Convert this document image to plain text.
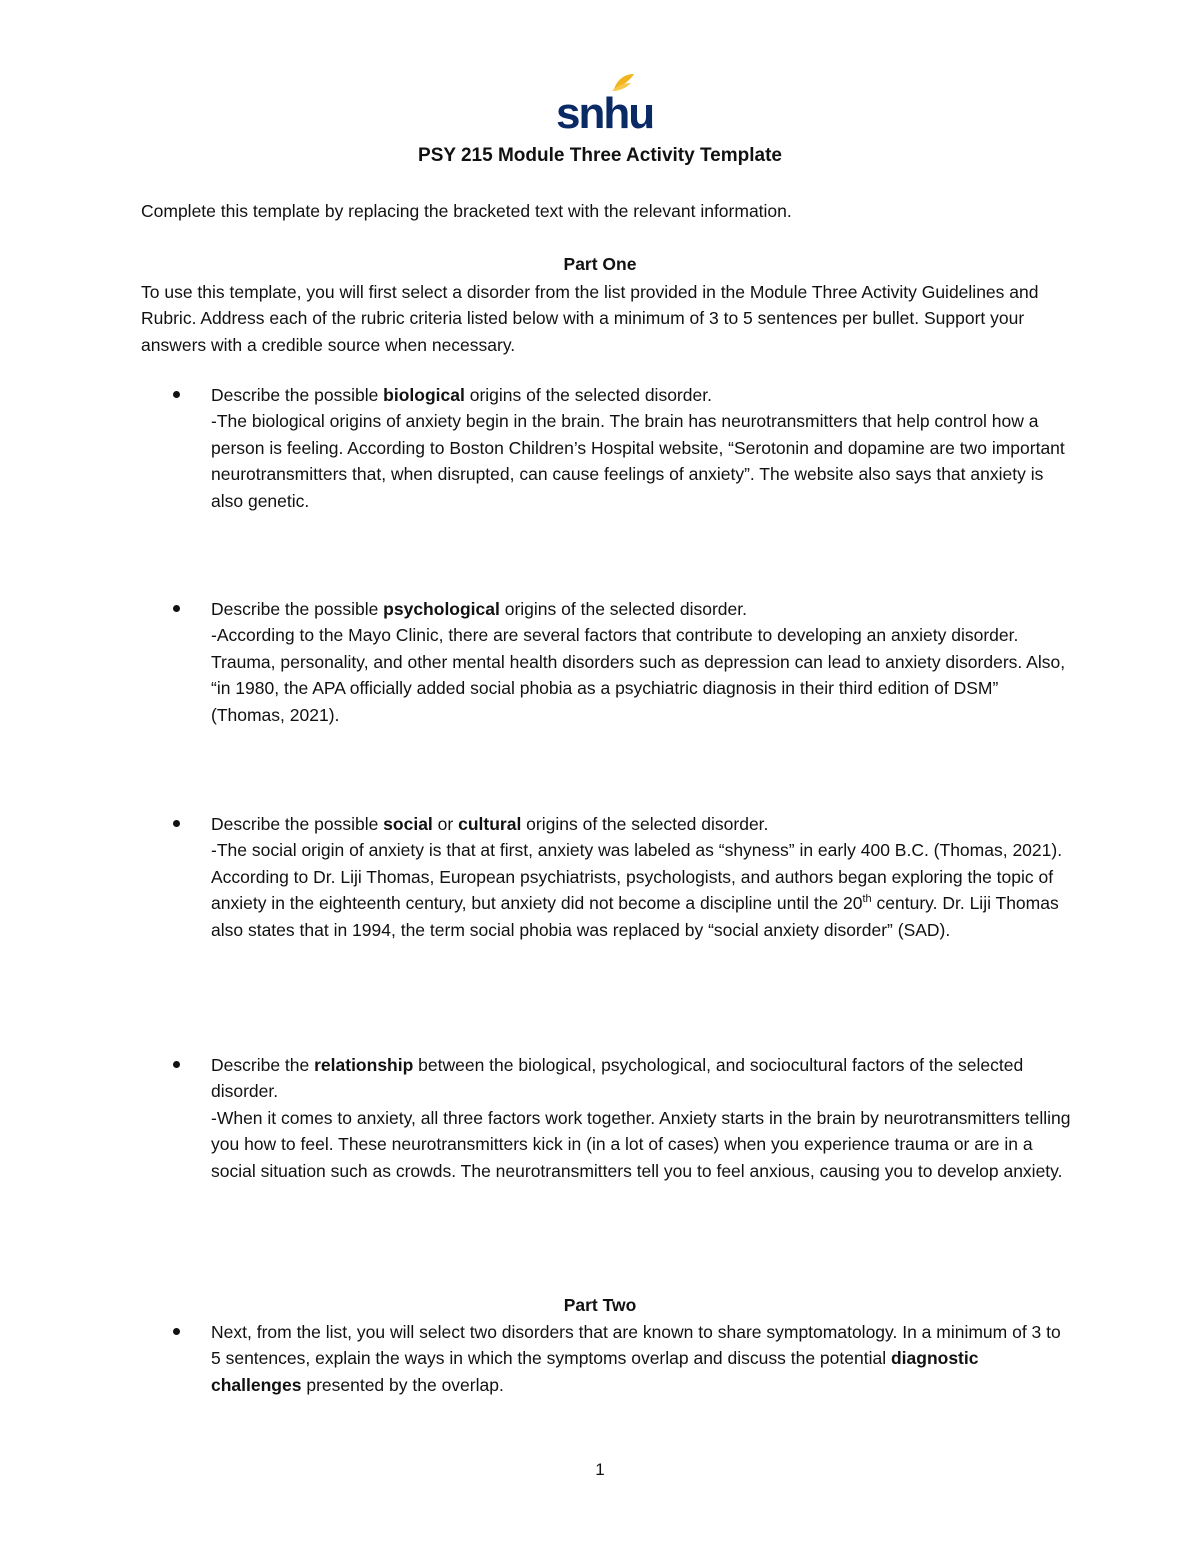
snhu
PSY 215 Module Three Activity Template
Complete this template by replacing the bracketed text with the relevant information.
Part One
To use this template, you will first select a disorder from the list provided in the Module Three Activity Guidelines and Rubric. Address each of the rubric criteria listed below with a minimum of 3 to 5 sentences per bullet. Support your answers with a credible source when necessary.
Describe the possible biological origins of the selected disorder.
-The biological origins of anxiety begin in the brain. The brain has neurotransmitters that help control how a person is feeling. According to Boston Children’s Hospital website, “Serotonin and dopamine are two important neurotransmitters that, when disrupted, can cause feelings of anxiety”. The website also says that anxiety is also genetic.
Describe the possible psychological origins of the selected disorder.
-According to the Mayo Clinic, there are several factors that contribute to developing an anxiety disorder. Trauma, personality, and other mental health disorders such as depression can lead to anxiety disorders. Also, “in 1980, the APA officially added social phobia as a psychiatric diagnosis in their third edition of DSM” (Thomas, 2021).
Describe the possible social or cultural origins of the selected disorder.
-The social origin of anxiety is that at first, anxiety was labeled as “shyness” in early 400 B.C. (Thomas, 2021). According to Dr. Liji Thomas, European psychiatrists, psychologists, and authors began exploring the topic of anxiety in the eighteenth century, but anxiety did not become a discipline until the 20th century. Dr. Liji Thomas also states that in 1994, the term social phobia was replaced by “social anxiety disorder” (SAD).
Describe the relationship between the biological, psychological, and sociocultural factors of the selected disorder.
-When it comes to anxiety, all three factors work together. Anxiety starts in the brain by neurotransmitters telling you how to feel. These neurotransmitters kick in (in a lot of cases) when you experience trauma or are in a social situation such as crowds. The neurotransmitters tell you to feel anxious, causing you to develop anxiety.
Part Two
Next, from the list, you will select two disorders that are known to share symptomatology. In a minimum of 3 to 5 sentences, explain the ways in which the symptoms overlap and discuss the potential diagnostic challenges presented by the overlap.
1
